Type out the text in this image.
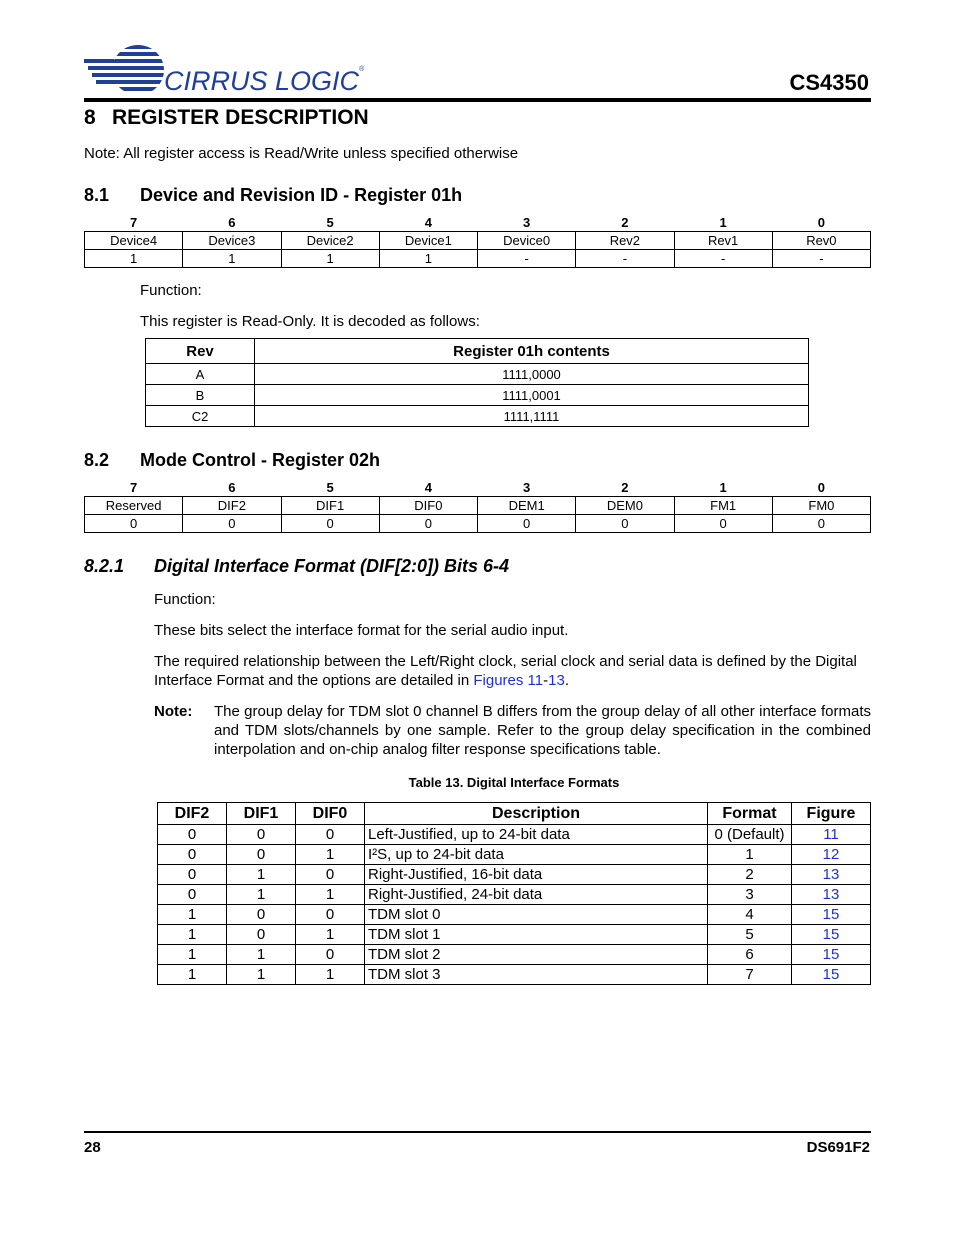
CIRRUS LOGIC®
CS4350
8 REGISTER DESCRIPTION
Note: All register access is Read/Write unless specified otherwise
8.1 Device and Revision ID - Register 01h
7	6	5	4	3	2	1	0
Device4	Device3	Device2	Device1	Device0	Rev2	Rev1	Rev0
1	1	1	1	-	-	-	-
Function:
This register is Read-Only. It is decoded as follows:
Rev	Register 01h contents
A	1111,0000
B	1111,0001
C2	1111,1111
8.2 Mode Control - Register 02h
7	6	5	4	3	2	1	0
Reserved	DIF2	DIF1	DIF0	DEM1	DEM0	FM1	FM0
0	0	0	0	0	0	0	0
8.2.1 Digital Interface Format (DIF[2:0]) Bits 6-4
Function:
These bits select the interface format for the serial audio input.
The required relationship between the Left/Right clock, serial clock and serial data is defined by the Digital Interface Format and the options are detailed in Figures 11-13.
Note: The group delay for TDM slot 0 channel B differs from the group delay of all other interface formats and TDM slots/channels by one sample. Refer to the group delay specification in the combined interpolation and on-chip analog filter response specifications table.
Table 13. Digital Interface Formats
DIF2	DIF1	DIF0	Description	Format	Figure
0	0	0	Left-Justified, up to 24-bit data	0 (Default)	11
0	0	1	I²S, up to 24-bit data	1	12
0	1	0	Right-Justified, 16-bit data	2	13
0	1	1	Right-Justified, 24-bit data	3	13
1	0	0	TDM slot 0	4	15
1	0	1	TDM slot 1	5	15
1	1	0	TDM slot 2	6	15
1	1	1	TDM slot 3	7	15
28	DS691F2
